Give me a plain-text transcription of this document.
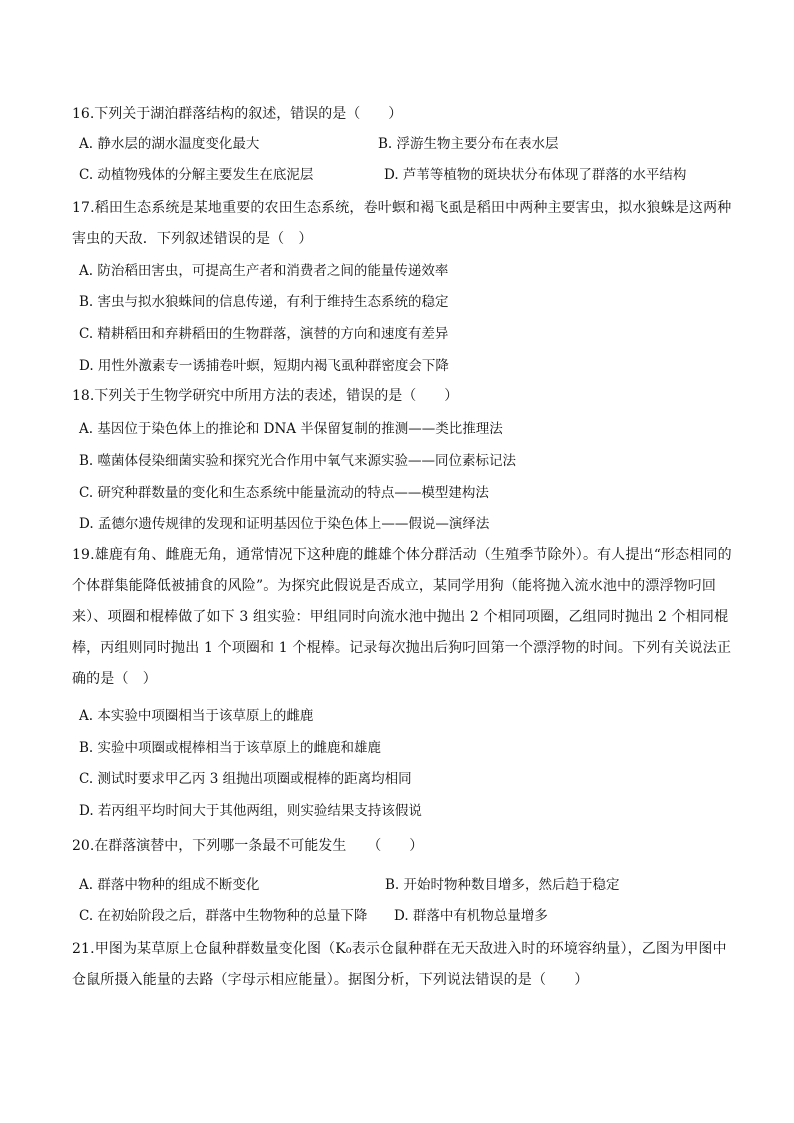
16.下列关于湖泊群落结构的叙述，错误的是（　　）

A. 静水层的湖水温度变化最大	B. 浮游生物主要分布在表水层
C. 动植物残体的分解主要发生在底泥层	D. 芦苇等植物的斑块状分布体现了群落的水平结构

17.稻田生态系统是某地重要的农田生态系统，卷叶螟和褐飞虱是稻田中两种主要害虫，拟水狼蛛是这两种害虫的天敌．下列叙述错误的是（　）

A. 防治稻田害虫，可提高生产者和消费者之间的能量传递效率
B. 害虫与拟水狼蛛间的信息传递，有利于维持生态系统的稳定
C. 精耕稻田和弃耕稻田的生物群落，演替的方向和速度有差异
D. 用性外激素专一诱捕卷叶螟，短期内褐飞虱种群密度会下降

18.下列关于生物学研究中所用方法的表述，错误的是（　　）

A. 基因位于染色体上的推论和 DNA 半保留复制的推测——类比推理法
B. 噬菌体侵染细菌实验和探究光合作用中氧气来源实验——同位素标记法
C. 研究种群数量的变化和生态系统中能量流动的特点——模型建构法
D. 孟德尔遗传规律的发现和证明基因位于染色体上——假说—演绎法

19.雄鹿有角、雌鹿无角，通常情况下这种鹿的雌雄个体分群活动（生殖季节除外）。有人提出“形态相同的个体群集能降低被捕食的风险”。为探究此假说是否成立，某同学用狗（能将抛入流水池中的漂浮物叼回来）、项圈和棍棒做了如下 3 组实验：甲组同时向流水池中抛出 2 个相同项圈，乙组同时抛出 2 个相同棍棒，丙组则同时抛出 1 个项圈和 1 个棍棒。记录每次抛出后狗叼回第一个漂浮物的时间。下列有关说法正确的是（　）

A. 本实验中项圈相当于该草原上的雌鹿
B. 实验中项圈或棍棒相当于该草原上的雌鹿和雄鹿
C. 测试时要求甲乙丙 3 组抛出项圈或棍棒的距离均相同
D. 若丙组平均时间大于其他两组，则实验结果支持该假说

20.在群落演替中，下列哪一条最不可能发生　　（　　）

A. 群落中物种的组成不断变化	B. 开始时物种数目增多，然后趋于稳定
C. 在初始阶段之后，群落中生物物种的总量下降 D. 群落中有机物总量增多

21.甲图为某草原上仓鼠种群数量变化图（K₀表示仓鼠种群在无天敌进入时的环境容纳量），乙图为甲图中仓鼠所摄入能量的去路（字母示相应能量）。据图分析，下列说法错误的是（　　）
